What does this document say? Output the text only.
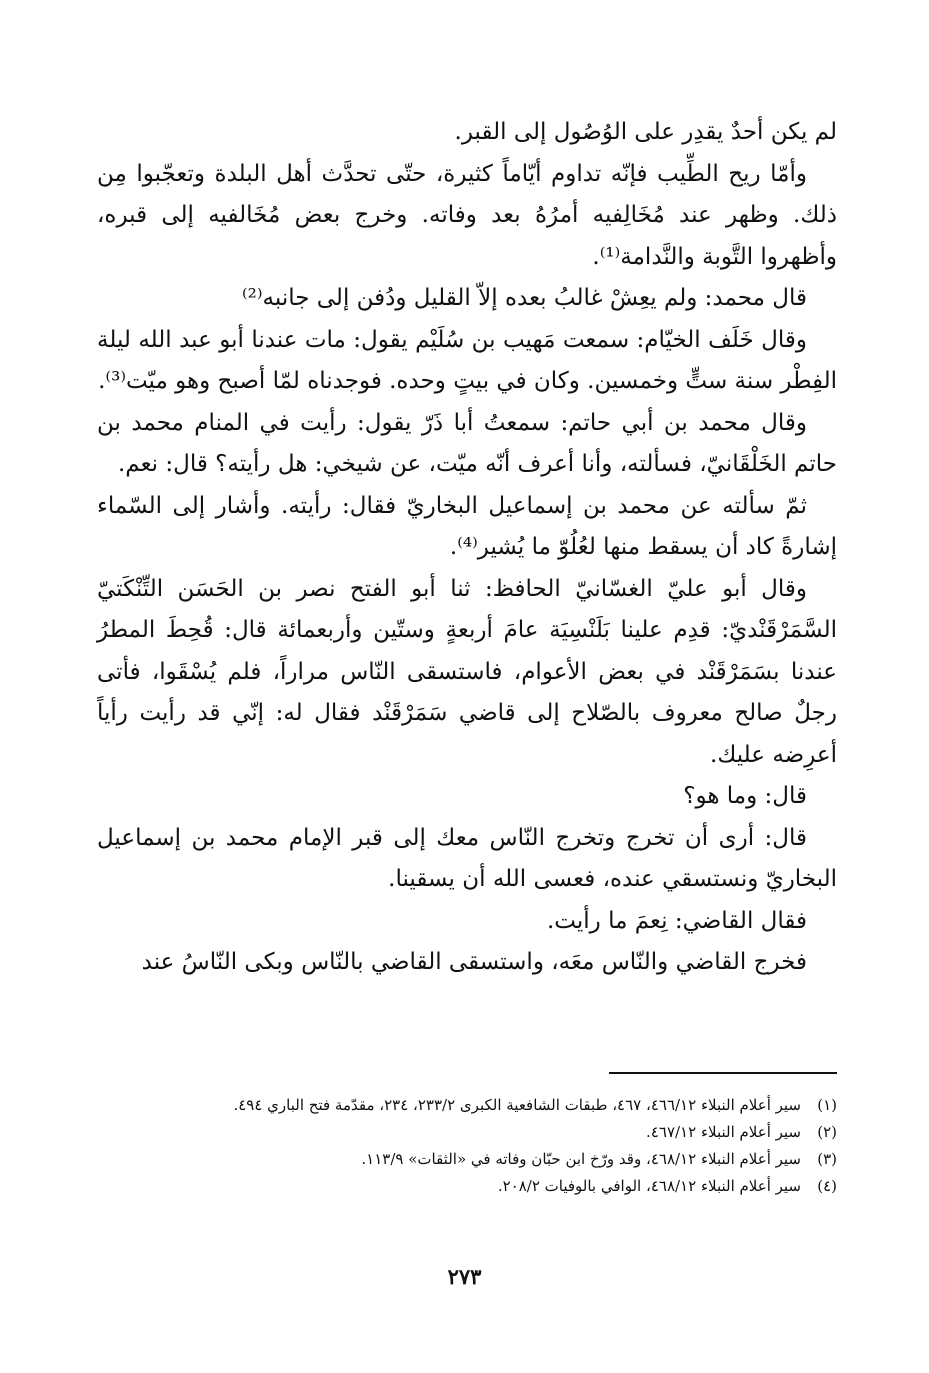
لم يكن أحدٌ يقدِر على الوُصُول إلى القبر.

وأمّا ريح الطِّيب فإنّه تداوم أيّاماً كثيرة، حتّى تحدَّث أهل البلدة وتعجّبوا مِن ذلك. وظهر عند مُخَالِفيه أمرُهُ بعد وفاته. وخرج بعض مُخَالفيه إلى قبره، وأظهروا التَّوبة والنَّدامة⁽¹⁾.

قال محمد: ولم يعِشْ غالبُ بعده إلاّ القليل ودُفن إلى جانبه⁽²⁾

وقال خَلَف الخيّام: سمعت مَهيب بن سُلَيْم يقول: مات عندنا أبو عبد الله ليلة الفِطْر سنة ستٍّ وخمسين. وكان في بيتٍ وحده. فوجدناه لمّا أصبح وهو ميّت⁽³⁾.

وقال محمد بن أبي حاتم: سمعتُ أبا ذَرّ يقول: رأيت في المنام محمد بن حاتم الخَلْقَانيّ، فسألته، وأنا أعرف أنّه ميّت، عن شيخي: هل رأيته؟ قال: نعم.

ثمّ سألته عن محمد بن إسماعيل البخاريّ فقال: رأيته. وأشار إلى السّماء إشارةً كاد أن يسقط منها لعُلُوّ ما يُشير⁽⁴⁾.

وقال أبو عليّ الغسّانيّ الحافظ: ثنا أبو الفتح نصر بن الحَسَن التِّنْكَتيّ السَّمَرْقَنْديّ: قدِم علينا بَلَنْسِيَة عامَ أربعةٍ وستّين وأربعمائة قال: قُحِطَ المطرُ عندنا بسَمَرْقَنْد في بعض الأعوام، فاستسقى النّاس مراراً، فلم يُسْقَوا، فأتى رجلٌ صالح معروف بالصّلاح إلى قاضي سَمَرْقَنْد فقال له: إنّي قد رأيت رأياً أعرِضه عليك.

قال: وما هو؟

قال: أرى أن تخرج وتخرج النّاس معك إلى قبر الإمام محمد بن إسماعيل البخاريّ ونستسقي عنده، فعسى الله أن يسقينا.

فقال القاضي: نِعمَ ما رأيت.

فخرج القاضي والنّاس معَه، واستسقى القاضي بالنّاس وبكى النّاسُ عند

(١)
سير أعلام النبلاء ٤٦٦/١٢، ٤٦٧، طبقات الشافعية الكبرى ٢٣٣/٢، ٢٣٤، مقدّمة فتح الباري ٤٩٤.
(٢)
سير أعلام النبلاء ٤٦٧/١٢.
(٣)
سير أعلام النبلاء ٤٦٨/١٢، وقد ورّخ ابن حبّان وفاته في «الثقات» ١١٣/٩.
(٤)
سير أعلام النبلاء ٤٦٨/١٢، الوافي بالوفيات ٢٠٨/٢.
٢٧٣
